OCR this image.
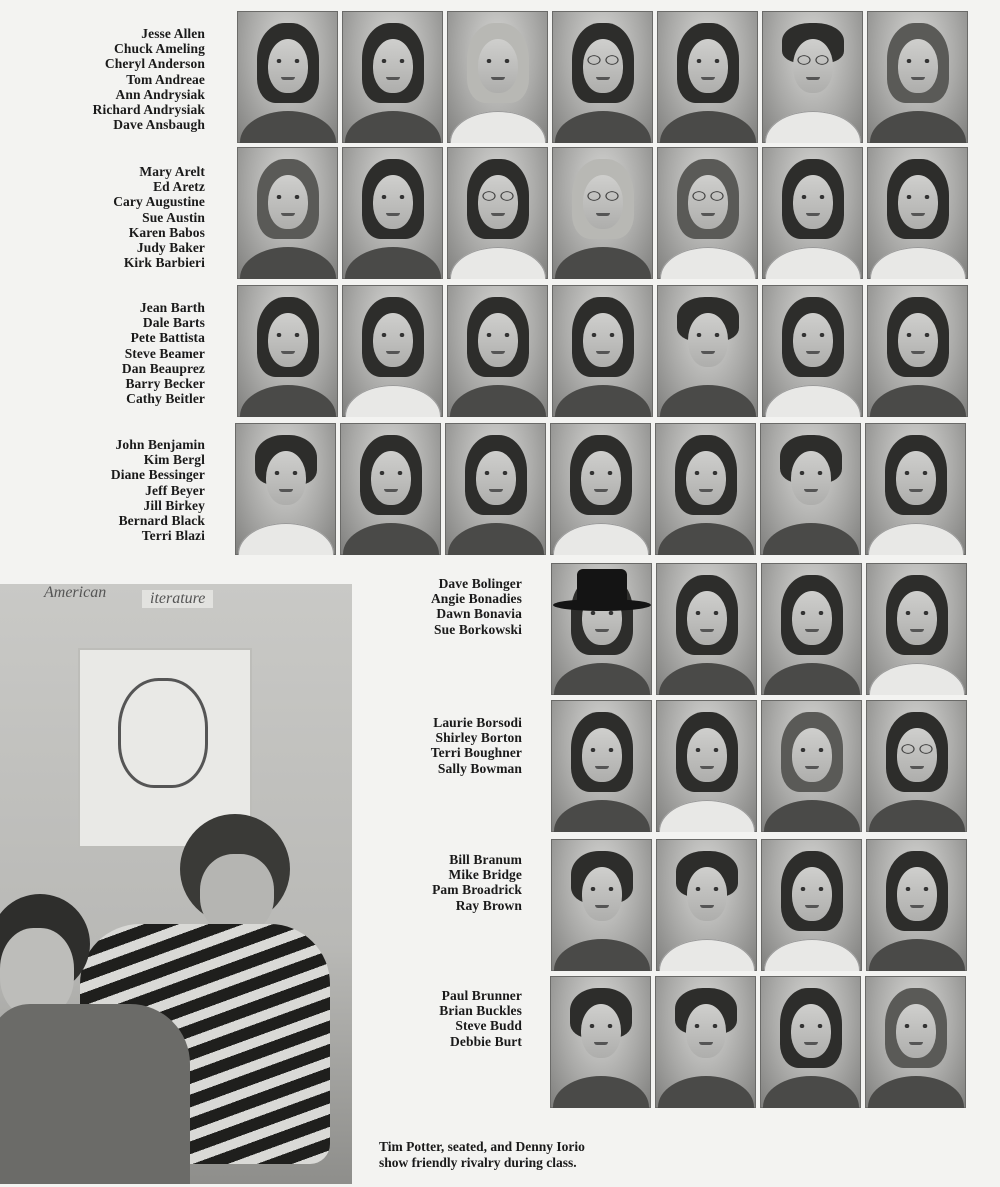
Jesse Allen
Chuck Ameling
Cheryl Anderson
Tom Andreae
Ann Andrysiak
Richard Andrysiak
Dave Ansbaugh
Mary Arelt
Ed Aretz
Cary Augustine
Sue Austin
Karen Babos
Judy Baker
Kirk Barbieri
Jean Barth
Dale Barts
Pete Battista
Steve Beamer
Dan Beauprez
Barry Becker
Cathy Beitler
John Benjamin
Kim Bergl
Diane Bessinger
Jeff Beyer
Jill Birkey
Bernard Black
Terri Blazi
Dave Bolinger
Angie Bonadies
Dawn Bonavia
Sue Borkowski
Laurie Borsodi
Shirley Borton
Terri Boughner
Sally Bowman
Bill Branum
Mike Bridge
Pam Broadrick
Ray Brown
Paul Brunner
Brian Buckles
Steve Budd
Debbie Burt
American	iterature
Tim Potter, seated, and Denny Iorio
show friendly rivalry during class.
